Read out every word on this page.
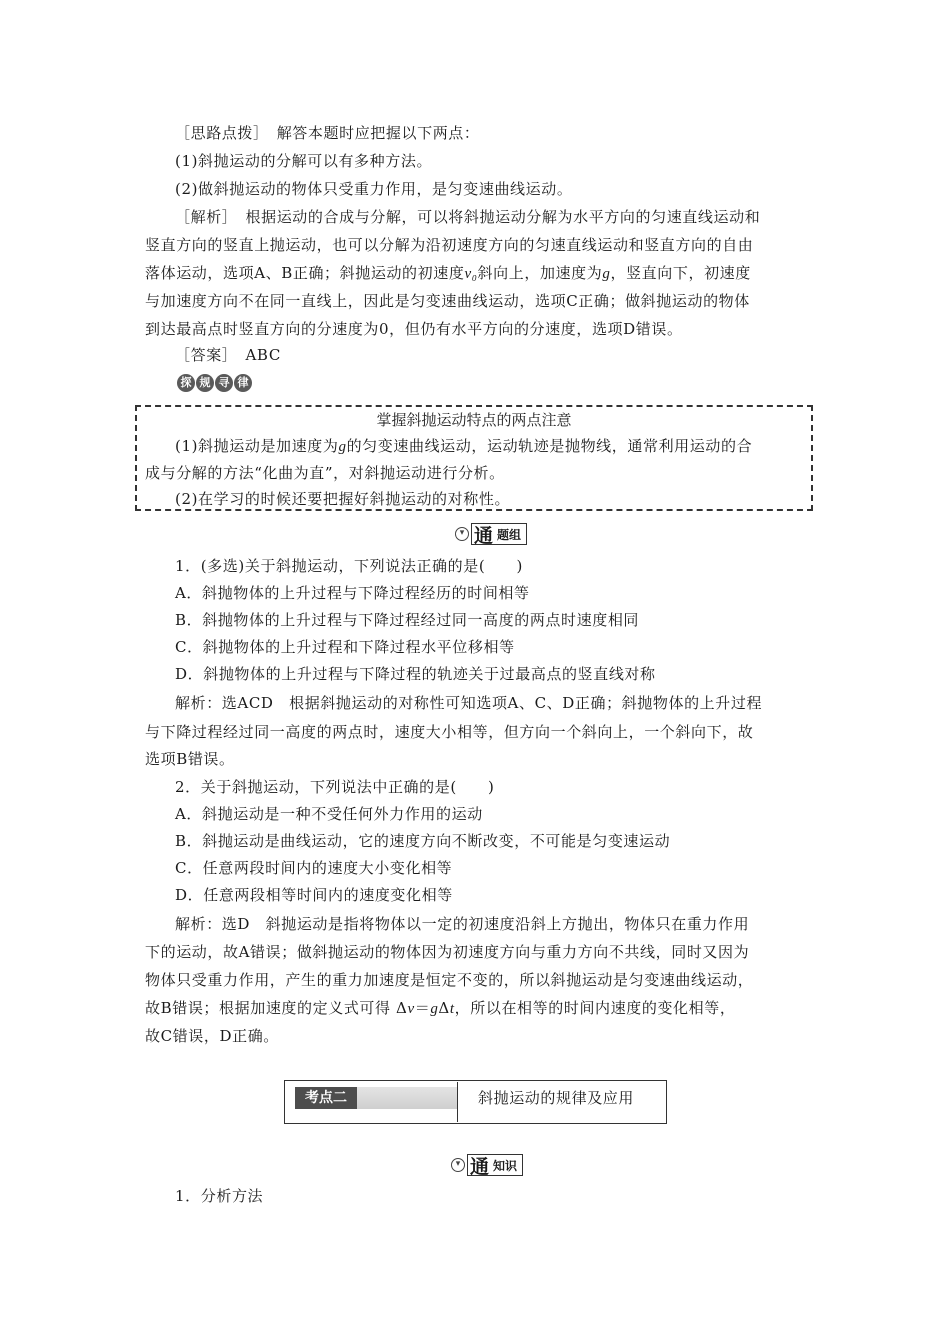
［思路点拨］　解答本题时应把握以下两点：
(1)斜抛运动的分解可以有多种方法。
(2)做斜抛运动的物体只受重力作用，是匀变速曲线运动。
［解析］　根据运动的合成与分解，可以将斜抛运动分解为水平方向的匀速直线运动和
竖直方向的竖直上抛运动，也可以分解为沿初速度方向的匀速直线运动和竖直方向的自由
落体运动，选项A、B正确；斜抛运动的初速度v₀斜向上，加速度为g，竖直向下，初速度
与加速度方向不在同一直线上，因此是匀变速曲线运动，选项C正确；做斜抛运动的物体
到达最高点时竖直方向的分速度为0，但仍有水平方向的分速度，选项D错误。
［答案］　ABC
探 规 寻 律
掌握斜抛运动特点的两点注意
(1)斜抛运动是加速度为g的匀变速曲线运动，运动轨迹是抛物线，通常利用运动的合
成与分解的方法“化曲为直”，对斜抛运动进行分析。
(2)在学习的时候还要把握好斜抛运动的对称性。
▾ 通 题组
1．(多选)关于斜抛运动，下列说法正确的是(　　)
A．斜抛物体的上升过程与下降过程经历的时间相等
B．斜抛物体的上升过程与下降过程经过同一高度的两点时速度相同
C．斜抛物体的上升过程和下降过程水平位移相等
D．斜抛物体的上升过程与下降过程的轨迹关于过最高点的竖直线对称
解析：选ACD　根据斜抛运动的对称性可知选项A、C、D正确；斜抛物体的上升过程
与下降过程经过同一高度的两点时，速度大小相等，但方向一个斜向上，一个斜向下，故
选项B错误。
2．关于斜抛运动，下列说法中正确的是(　　)
A．斜抛运动是一种不受任何外力作用的运动
B．斜抛运动是曲线运动，它的速度方向不断改变，不可能是匀变速运动
C．任意两段时间内的速度大小变化相等
D．任意两段相等时间内的速度变化相等
解析：选D　斜抛运动是指将物体以一定的初速度沿斜上方抛出，物体只在重力作用
下的运动，故A错误；做斜抛运动的物体因为初速度方向与重力方向不共线，同时又因为
物体只受重力作用，产生的重力加速度是恒定不变的，所以斜抛运动是匀变速曲线运动，
故B错误；根据加速度的定义式可得 Δv＝gΔt，所以在相等的时间内速度的变化相等，
故C错误，D正确。
考点二	斜抛运动的规律及应用
▾ 通 知识
1．分析方法
